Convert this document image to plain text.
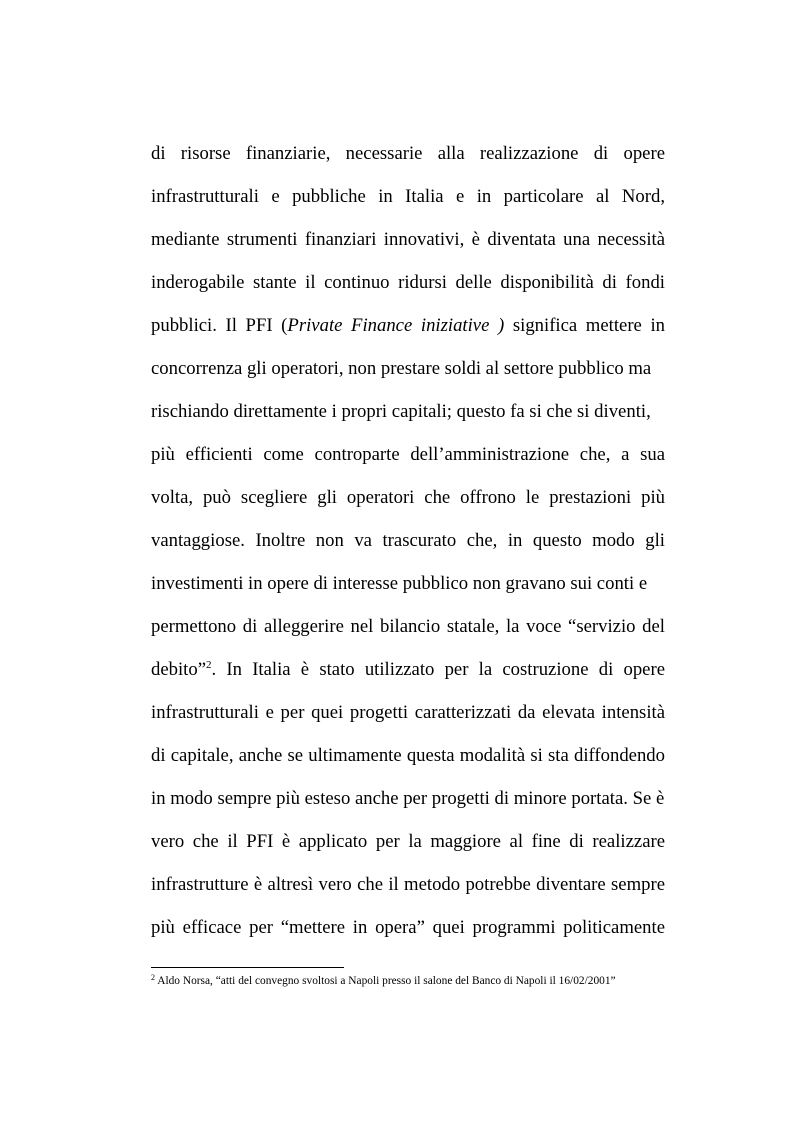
di risorse finanziarie, necessarie alla realizzazione di opere
infrastrutturali e pubbliche in Italia e in particolare al Nord,
mediante strumenti finanziari innovativi, è diventata una necessità
inderogabile stante il continuo ridursi delle disponibilità di fondi
pubblici. Il PFI (Private Finance iniziative ) significa mettere in
concorrenza gli operatori, non prestare soldi al settore pubblico ma
rischiando direttamente i propri capitali; questo fa si che si diventi,
più efficienti come controparte dell’amministrazione che, a sua
volta, può scegliere gli operatori che offrono le prestazioni più
vantaggiose. Inoltre non va trascurato che, in questo modo gli
investimenti in opere di interesse pubblico non gravano sui conti e
permettono di alleggerire nel bilancio statale, la voce “servizio del
debito”$^2$. In Italia è stato utilizzato per la costruzione di opere
infrastrutturali e per quei progetti caratterizzati da elevata intensità
di capitale, anche se ultimamente questa modalità si sta diffondendo
in modo sempre più esteso anche per progetti di minore portata. Se è
vero che il PFI è applicato per la maggiore al fine di realizzare
infrastrutture è altresì vero che il metodo potrebbe diventare sempre
più efficace per “mettere in opera” quei programmi politicamente
$^2$ Aldo Norsa, “atti del convegno svoltosi a Napoli presso il salone del Banco di Napoli il 16/02/2001”
